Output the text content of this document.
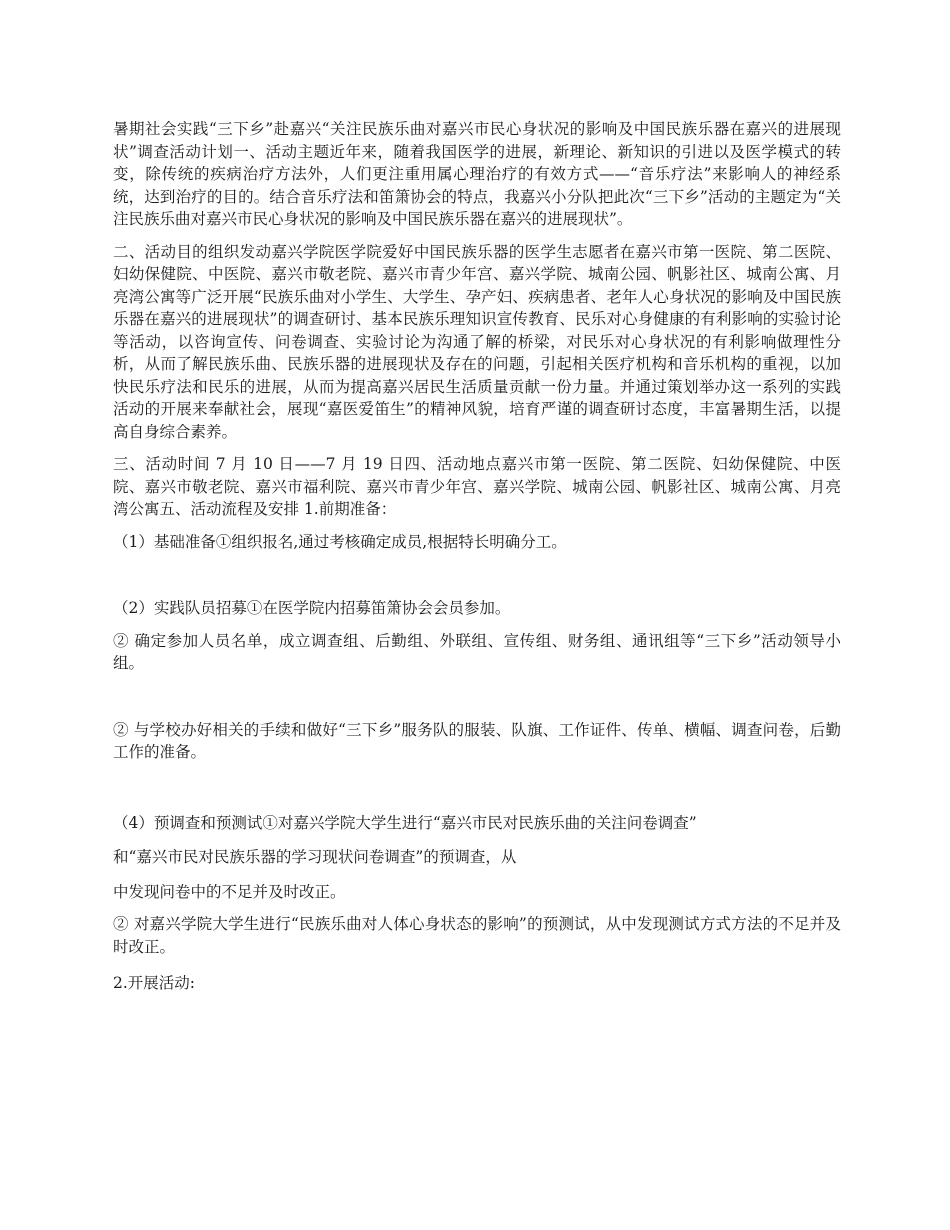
暑期社会实践“三下乡”赴嘉兴“关注民族乐曲对嘉兴市民心身状况的影响及中国民族乐器在嘉兴的进展现状”调查活动计划一、活动主题近年来，随着我国医学的进展，新理论、新知识的引进以及医学模式的转变，除传统的疾病治疗方法外，人们更注重用属心理治疗的有效方式——“音乐疗法”来影响人的神经系统，达到治疗的目的。结合音乐疗法和笛箫协会的特点，我嘉兴小分队把此次“三下乡”活动的主题定为“关注民族乐曲对嘉兴市民心身状况的影响及中国民族乐器在嘉兴的进展现状”。

二、活动目的组织发动嘉兴学院医学院爱好中国民族乐器的医学生志愿者在嘉兴市第一医院、第二医院、妇幼保健院、中医院、嘉兴市敬老院、嘉兴市青少年宫、嘉兴学院、城南公园、帆影社区、城南公寓、月亮湾公寓等广泛开展“民族乐曲对小学生、大学生、孕产妇、疾病患者、老年人心身状况的影响及中国民族乐器在嘉兴的进展现状”的调查研讨、基本民族乐理知识宣传教育、民乐对心身健康的有利影响的实验讨论等活动，以咨询宣传、问卷调查、实验讨论为沟通了解的桥梁，对民乐对心身状况的有利影响做理性分析，从而了解民族乐曲、民族乐器的进展现状及存在的问题，引起相关医疗机构和音乐机构的重视，以加快民乐疗法和民乐的进展，从而为提高嘉兴居民生活质量贡献一份力量。并通过策划举办这一系列的实践活动的开展来奉献社会，展现“嘉医爱笛生”的精神风貌，培育严谨的调查研讨态度，丰富暑期生活，以提高自身综合素养。

三、活动时间 7 月 10 日——7 月 19 日四、活动地点嘉兴市第一医院、第二医院、妇幼保健院、中医院、嘉兴市敬老院、嘉兴市福利院、嘉兴市青少年宫、嘉兴学院、城南公园、帆影社区、城南公寓、月亮湾公寓五、活动流程及安排 1.前期准备：

（1）基础准备①组织报名,通过考核确定成员,根据特长明确分工。

（2）实践队员招募①在医学院内招募笛箫协会会员参加。

② 确定参加人员名单，成立调查组、后勤组、外联组、宣传组、财务组、通讯组等“三下乡”活动领导小组。

② 与学校办好相关的手续和做好“三下乡”服务队的服装、队旗、工作证件、传单、横幅、调查问卷，后勤工作的准备。

（4）预调查和预测试①对嘉兴学院大学生进行“嘉兴市民对民族乐曲的关注问卷调查”

和“嘉兴市民对民族乐器的学习现状问卷调查”的预调查，从

中发现问卷中的不足并及时改正。

② 对嘉兴学院大学生进行“民族乐曲对人体心身状态的影响”的预测试，从中发现测试方式方法的不足并及时改正。

2.开展活动:
